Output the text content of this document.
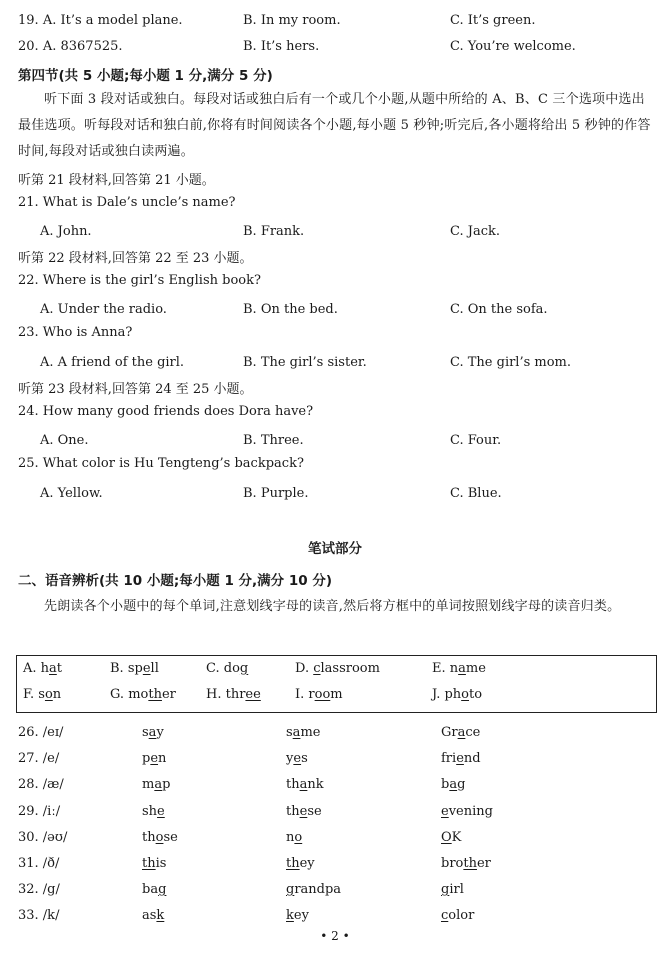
19. A. It’s a model plane.	B. In my room.	C. It’s green.
20. A. 8367525.	B. It’s hers.	C. You’re welcome.
第四节(共 5 小题;每小题 1 分,满分 5 分)
听下面 3 段对话或独白。每段对话或独白后有一个或几个小题,从题中所给的 A、B、C 三个选项中选出最佳选项。听每段对话和独白前,你将有时间阅读各个小题,每小题 5 秒钟;听完后,各小题将给出 5 秒钟的作答时间,每段对话或独白读两遍。
听第 21 段材料,回答第 21 小题。
21. What is Dale’s uncle’s name?
A. John.	B. Frank.	C. Jack.
听第 22 段材料,回答第 22 至 23 小题。
22. Where is the girl’s English book?
A. Under the radio.	B. On the bed.	C. On the sofa.
23. Who is Anna?
A. A friend of the girl.	B. The girl’s sister.	C. The girl’s mom.
听第 23 段材料,回答第 24 至 25 小题。
24. How many good friends does Dora have?
A. One.	B. Three.	C. Four.
25. What color is Hu Tengteng’s backpack?
A. Yellow.	B. Purple.	C. Blue.
笔试部分
二、语音辨析(共 10 小题;每小题 1 分,满分 10 分)
先朗读各个小题中的每个单词,注意划线字母的读音,然后将方框中的单词按照划线字母的读音归类。
A. hat	B. spell	C. dog	D. classroom	E. name
F. son	G. mother H. three	I. room	J. photo
26. /eɪ/	say	same	Grace
27. /e/	pen	yes	friend
28. /æ/	map	thank	bag
29. /iː/	she	these	evening
30. /əʊ/	those	no	OK
31. /ð/	this	they	brother
32. /g/	bag	grandpa	girl
33. /k/	ask	key	color
• 2 •
